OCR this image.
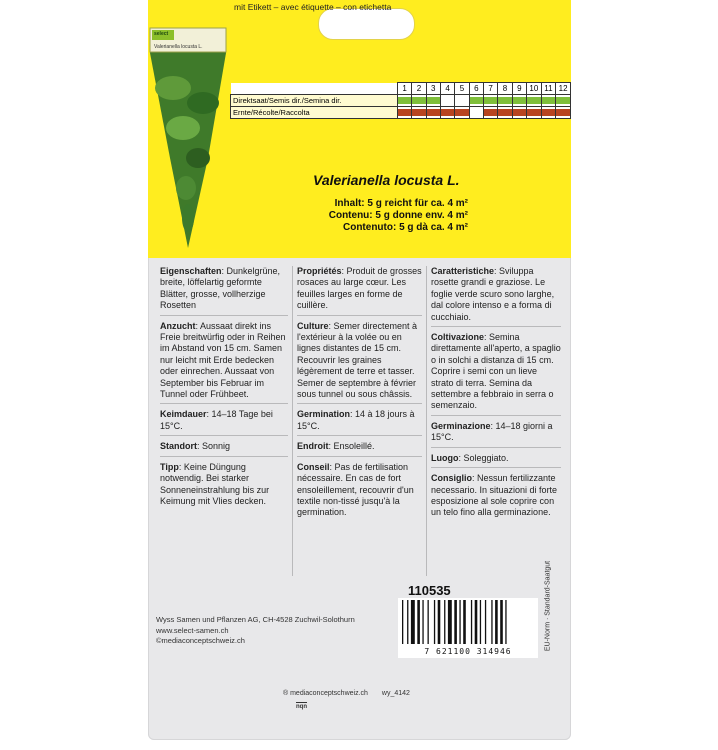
mit Etikett – avec étiquette – con etichetta
select
Valerianella locusta L.
	1	2	3	4	5	6	7	8	9	10	11	12
Direktsaat/Semis dir./Semina dir.	

Ernte/Récolte/Raccolta	

Valerianella locusta L.
Inhalt: 5 g reicht für ca. 4 m²
Contenu: 5 g donne env. 4 m²
Contenuto: 5 g dà ca. 4 m²

Eigenschaften: Dunkelgrüne, breite, löffelartig geformte Blätter, grosse, vollherzige Rosetten

Anzucht: Aussaat direkt ins Freie breitwürfig oder in Reihen im Abstand von 15 cm. Samen nur leicht mit Erde bedecken oder einrechen. Aussaat von September bis Februar im Tunnel oder Frühbeet.

Keimdauer: 14–18 Tage bei 15°C.

Standort: Sonnig

Tipp: Keine Düngung notwendig. Bei starker Sonneneinstrahlung bis zur Keimung mit Vlies decken.

Propriétés: Produit de grosses rosaces au large cœur. Les feuilles larges en forme de cuillère.

Culture: Semer directement à l'extérieur à la volée ou en lignes distantes de 15 cm. Recouvrir les graines légèrement de terre et tasser. Semer de septembre à février sous tunnel ou sous châssis.

Germination: 14 à 18 jours à 15°C.

Endroit: Ensoleillé.

Conseil: Pas de fertilisation nécessaire. En cas de fort ensoleillement, recouvrir d'un textile non-tissé jusqu'à la germination.

Caratteristiche: Sviluppa rosette grandi e graziose. Le foglie verde scuro sono larghe, dal colore intenso e a forma di cucchiaio.

Coltivazione: Semina direttamente all'aperto, a spaglio o in solchi a distanza di 15 cm. Coprire i semi con un lieve strato di terra. Semina da settembre a febbraio in serra o semenzaio.

Germinazione: 14–18 giorni a 15°C.

Luogo: Soleggiato.

Consiglio: Nessun fertilizzante necessario. In situazioni di forte esposizione al sole coprire con un telo fino alla germinazione.

110535
Wyss Samen und Pflanzen AG, CH-4528 Zuchwil-Solothurn
www.select-samen.ch
©mediaconceptschweiz.ch
7 621100 314946
EU-Norm · Standard-Saatgut
® mediaconceptschweiz.ch wy_4142
nqn
